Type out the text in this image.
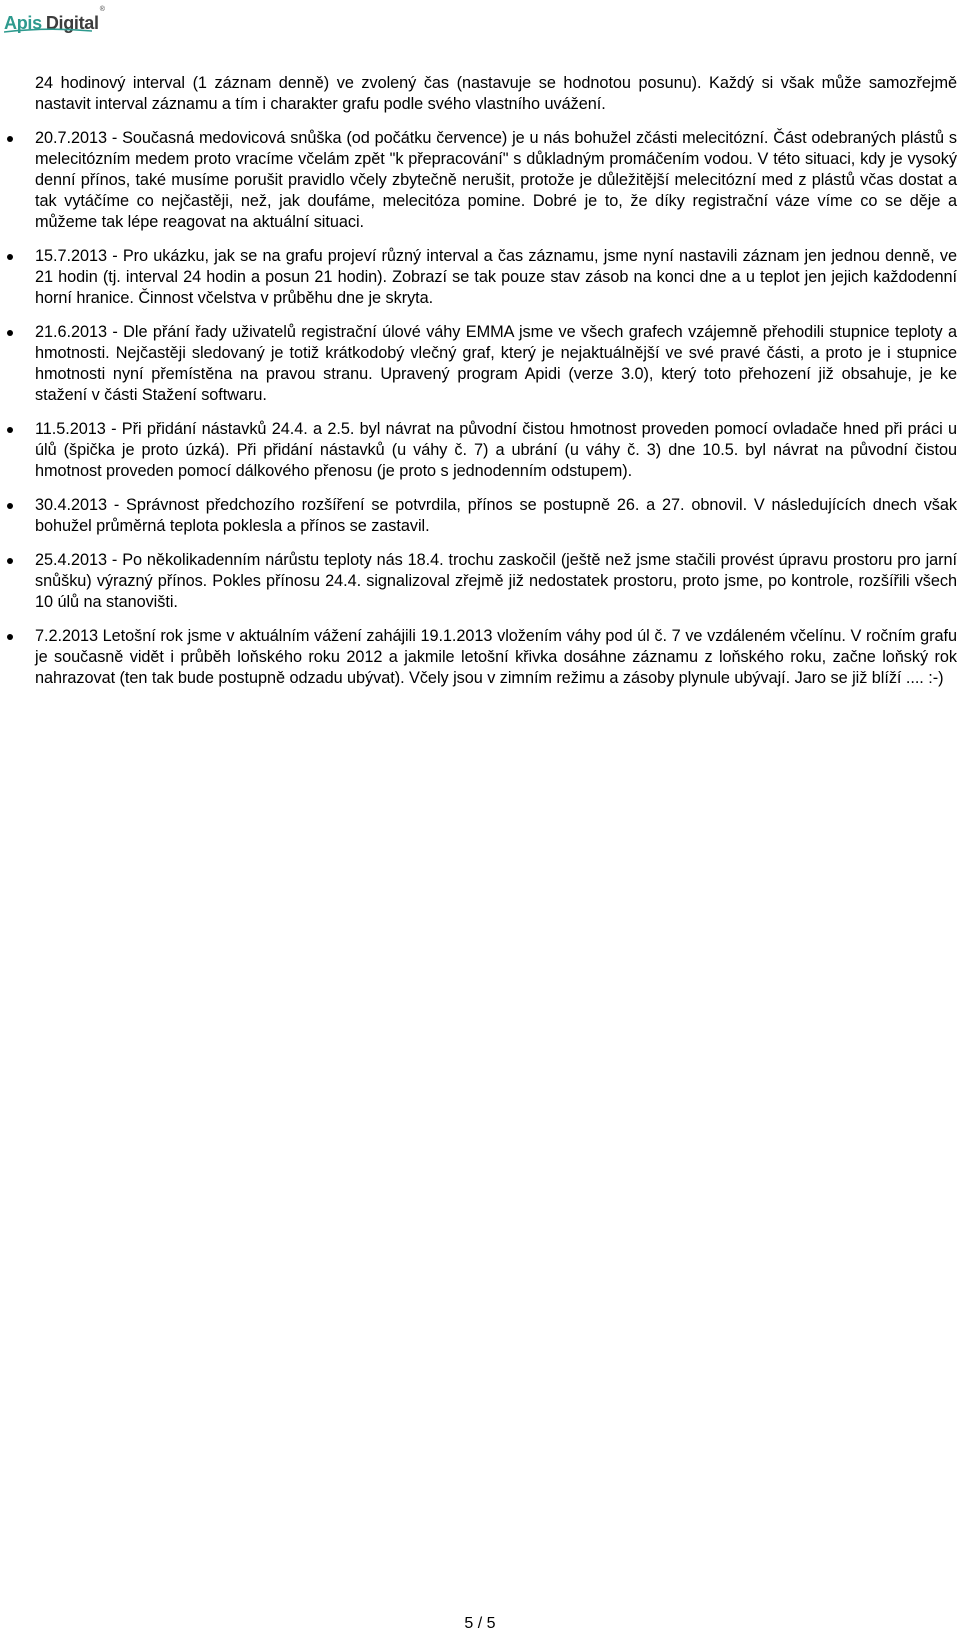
Apis Digital
®

24 hodinový interval (1 záznam denně) ve zvolený čas (nastavuje se hodnotou posunu). Každý si však může samozřejmě nastavit interval záznamu a tím i charakter grafu podle svého vlastního uvážení.

20.7.2013 - Současná medovicová snůška (od počátku července) je u nás bohužel zčásti melecitózní. Část odebraných plástů s melecitózním medem proto vracíme včelám zpět "k přepracování" s důkladným promáčením vodou. V této situaci, kdy je vysoký denní přínos, také musíme porušit pravidlo včely zbytečně nerušit, protože je důležitější melecitózní med z plástů včas dostat a tak vytáčíme co nejčastěji, než, jak doufáme, melecitóza pomine. Dobré je to, že díky registrační váze víme co se děje a můžeme tak lépe reagovat na aktuální situaci.
15.7.2013 - Pro ukázku, jak se na grafu projeví různý interval a čas záznamu, jsme nyní nastavili záznam jen jednou denně, ve 21 hodin (tj. interval 24 hodin a posun 21 hodin). Zobrazí se tak pouze stav zásob na konci dne a u teplot jen jejich každodenní horní hranice. Činnost včelstva v průběhu dne je skryta.
21.6.2013 - Dle přání řady uživatelů registrační úlové váhy EMMA jsme ve všech grafech vzájemně přehodili stupnice teploty a hmotnosti. Nejčastěji sledovaný je totiž krátkodobý vlečný graf, který je nejaktuálnější ve své pravé části, a proto je i stupnice hmotnosti nyní přemístěna na pravou stranu. Upravený program Apidi (verze 3.0), který toto přehození již obsahuje, je ke stažení v části Stažení softwaru.
11.5.2013 - Při přidání nástavků 24.4. a 2.5. byl návrat na původní čistou hmotnost proveden pomocí ovladače hned při práci u úlů (špička je proto úzká). Při přidání nástavků (u váhy č. 7) a ubrání (u váhy č. 3) dne 10.5. byl návrat na původní čistou hmotnost proveden pomocí dálkového přenosu (je proto s jednodenním odstupem).
30.4.2013 - Správnost předchozího rozšíření se potvrdila, přínos se postupně 26. a 27. obnovil. V následujících dnech však bohužel průměrná teplota poklesla a přínos se zastavil.
25.4.2013 - Po několikadenním nárůstu teploty nás 18.4. trochu zaskočil (ještě než jsme stačili provést úpravu prostoru pro jarní snůšku) výrazný přínos. Pokles přínosu 24.4. signalizoval zřejmě již nedostatek prostoru, proto jsme, po kontrole, rozšířili všech 10 úlů na stanovišti.
7.2.2013 Letošní rok jsme v aktuálním vážení zahájili 19.1.2013 vložením váhy pod úl č. 7 ve vzdáleném včelínu. V ročním grafu je současně vidět i průběh loňského roku 2012 a jakmile letošní křivka dosáhne záznamu z loňského roku, začne loňský rok nahrazovat (ten tak bude postupně odzadu ubývat). Včely jsou v zimním režimu a zásoby plynule ubývají. Jaro se již blíží .... :-)
5 / 5
